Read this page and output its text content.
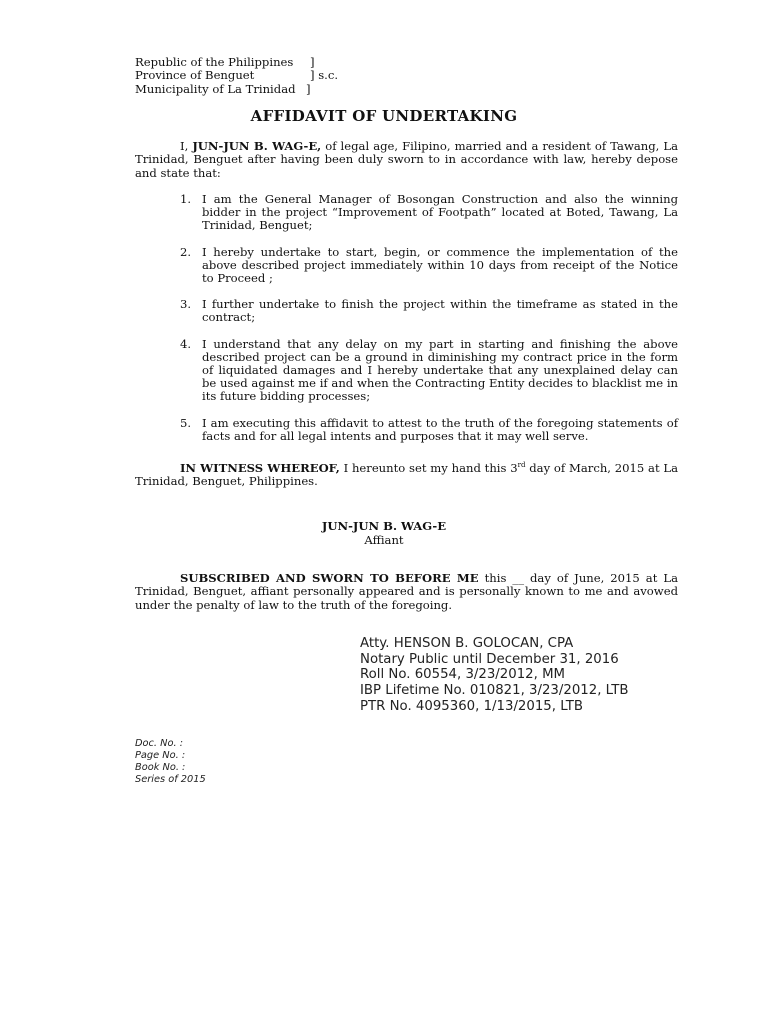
Republic of the Philippines ]
Province of Benguet	] s.c.
Municipality of La Trinidad ]
AFFIDAVIT OF UNDERTAKING
I, JUN-JUN B. WAG-E, of legal age, Filipino, married and a resident of Tawang, La Trinidad, Benguet after having been duly sworn to in accordance with law, hereby depose and state that:
1. I am the General Manager of Bosongan Construction and also the winning bidder in the project “Improvement of Footpath” located at Boted, Tawang, La Trinidad, Benguet;
2. I hereby undertake to start, begin, or commence the implementation of the above described project immediately within 10 days from receipt of the Notice to Proceed ;
3. I further undertake to finish the project within the timeframe as stated in the contract;
4. I understand that any delay on my part in starting and finishing the above described project can be a ground in diminishing my contract price in the form of liquidated damages and I hereby undertake that any unexplained delay can be used against me if and when the Contracting Entity decides to blacklist me in its future bidding processes;
5. I am executing this affidavit to attest to the truth of the foregoing statements of facts and for all legal intents and purposes that it may well serve.
IN WITNESS WHEREOF, I hereunto set my hand this 3rd day of March, 2015 at La Trinidad, Benguet, Philippines.
JUN-JUN B. WAG-E
Affiant
SUBSCRIBED AND SWORN TO BEFORE ME this __ day of June, 2015 at La Trinidad, Benguet, affiant personally appeared and is personally known to me and avowed under the penalty of law to the truth of the foregoing.
Atty. HENSON B. GOLOCAN, CPA
Notary Public until December 31, 2016
Roll No. 60554, 3/23/2012, MM
IBP Lifetime No. 010821, 3/23/2012, LTB
PTR No. 4095360, 1/13/2015, LTB
Doc. No. :
Page No. :
Book No. :
Series of 2015
